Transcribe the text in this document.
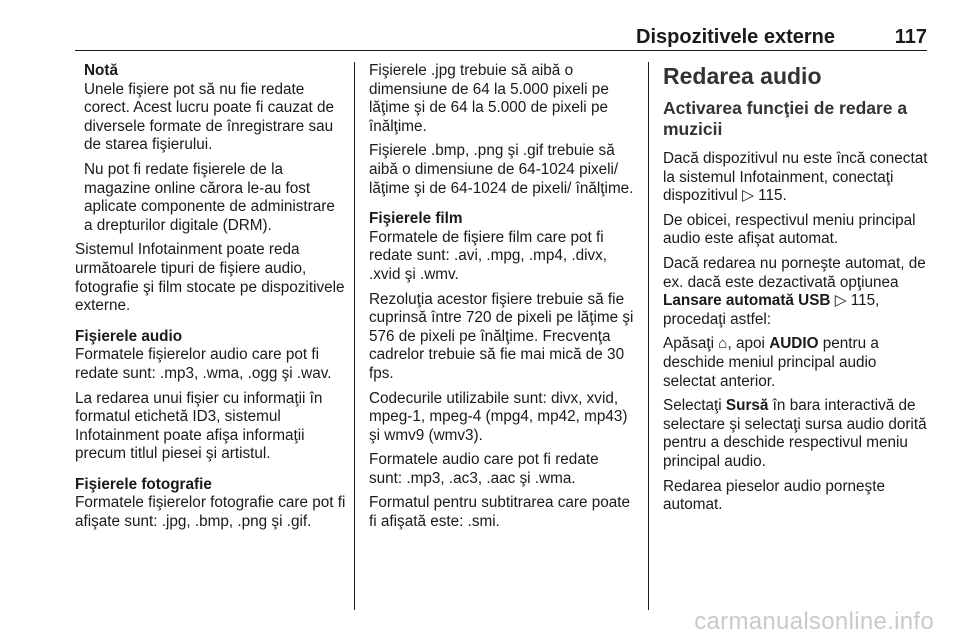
Dispozitivele externe	117

Notă

Unele fişiere pot să nu fie redate corect. Acest lucru poate fi cauzat de diversele formate de înregistrare sau de starea fişierului.

Nu pot fi redate fişierele de la magazine online cărora le-au fost aplicate componente de administrare a drepturilor digitale (DRM).

Sistemul Infotainment poate reda următoarele tipuri de fişiere audio, fotografie şi film stocate pe dispozitivele externe.

Fişierele audio

Formatele fişierelor audio care pot fi redate sunt: .mp3, .wma, .ogg şi .wav.

La redarea unui fişier cu informaţii în formatul etichetă ID3, sistemul Infotainment poate afişa informaţii precum titlul piesei şi artistul.

Fişierele fotografie

Formatele fişierelor fotografie care pot fi afişate sunt: .jpg, .bmp, .png şi .gif.

Fişierele .jpg trebuie să aibă o dimensiune de 64 la 5.000 pixeli pe lăţime şi de 64 la 5.000 de pixeli pe înălţime.

Fişierele .bmp, .png şi .gif trebuie să aibă o dimensiune de 64-1024 pixeli/ lăţime şi de 64-1024 de pixeli/ înălţime.

Fişierele film

Formatele de fişiere film care pot fi redate sunt: .avi, .mpg, .mp4, .divx, .xvid şi .wmv.

Rezoluţia acestor fişiere trebuie să fie cuprinsă între 720 de pixeli pe lăţime şi 576 de pixeli pe înălţime. Frecvenţa cadrelor trebuie să fie mai mică de 30 fps.

Codecurile utilizabile sunt: divx, xvid, mpeg-1, mpeg-4 (mpg4, mp42, mp43) şi wmv9 (wmv3).

Formatele audio care pot fi redate sunt: .mp3, .ac3, .aac şi .wma.

Formatul pentru subtitrarea care poate fi afişată este: .smi.

Redarea audio
Activarea funcţiei de redare a muzicii

Dacă dispozitivul nu este încă conectat la sistemul Infotainment, conectaţi dispozitivul ▷ 115.

De obicei, respectivul meniu principal audio este afişat automat.

Dacă redarea nu porneşte automat, de ex. dacă este dezactivată opţiunea Lansare automată USB ▷ 115, procedaţi astfel:

Apăsaţi ⌂, apoi AUDIO pentru a deschide meniul principal audio selectat anterior.

Selectaţi Sursă în bara interactivă de selectare şi selectaţi sursa audio dorită pentru a deschide respectivul meniu principal audio.

Redarea pieselor audio porneşte automat.

carmanualsonline.info
